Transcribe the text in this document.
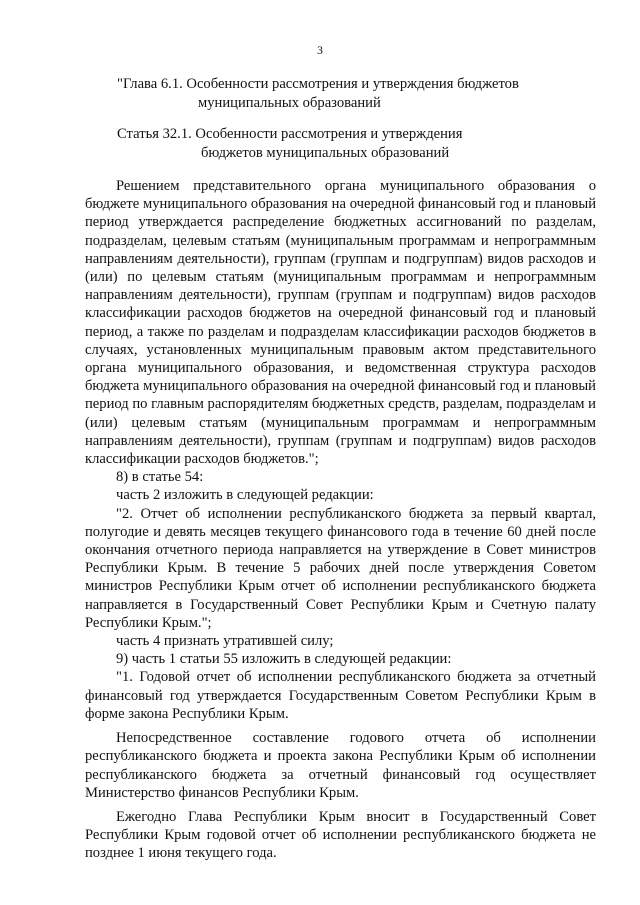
3
"Глава 6.1. Особенности рассмотрения и утверждения бюджетов
муниципальных образований
Статья 32.1. Особенности рассмотрения и утверждения
бюджетов муниципальных образований

Решением представительного органа муниципального образования о бюджете муниципального образования на очередной финансовый год и плановый период утверждается распределение бюджетных ассигнований по разделам, подразделам, целевым статьям (муниципальным программам и непрограммным направлениям деятельности), группам (группам и подгруппам) видов расходов и (или) по целевым статьям (муниципальным программам и непрограммным направлениям деятельности), группам (группам и подгруппам) видов расходов классификации расходов бюджетов на очередной финансовый год и плановый период, а также по разделам и подразделам классификации расходов бюджетов в случаях, установленных муниципальным правовым актом представительного органа муниципального образования, и ведомственная структура расходов бюджета муниципального образования на очередной финансовый год и плановый период по главным распорядителям бюджетных средств, разделам, подразделам и (или) целевым статьям (муниципальным программам и непрограммным направлениям деятельности), группам (группам и подгруппам) видов расходов классификации расходов бюджетов.";

8) в статье 54:

часть 2 изложить в следующей редакции:

"2. Отчет об исполнении республиканского бюджета за первый квартал, полугодие и девять месяцев текущего финансового года в течение 60 дней после окончания отчетного периода направляется на утверждение в Совет министров Республики Крым. В течение 5 рабочих дней после утверждения Советом министров Республики Крым отчет об исполнении республиканского бюджета направляется в Государственный Совет Республики Крым и Счетную палату Республики Крым.";

часть 4 признать утратившей силу;

9) часть 1 статьи 55 изложить в следующей редакции:

"1. Годовой отчет об исполнении республиканского бюджета за отчетный финансовый год утверждается Государственным Советом Республики Крым в форме закона Республики Крым.

Непосредственное составление годового отчета об исполнении республиканского бюджета и проекта закона Республики Крым об исполнении республиканского бюджета за отчетный финансовый год осуществляет Министерство финансов Республики Крым.

Ежегодно Глава Республики Крым вносит в Государственный Совет Республики Крым годовой отчет об исполнении республиканского бюджета не позднее 1 июня текущего года.
